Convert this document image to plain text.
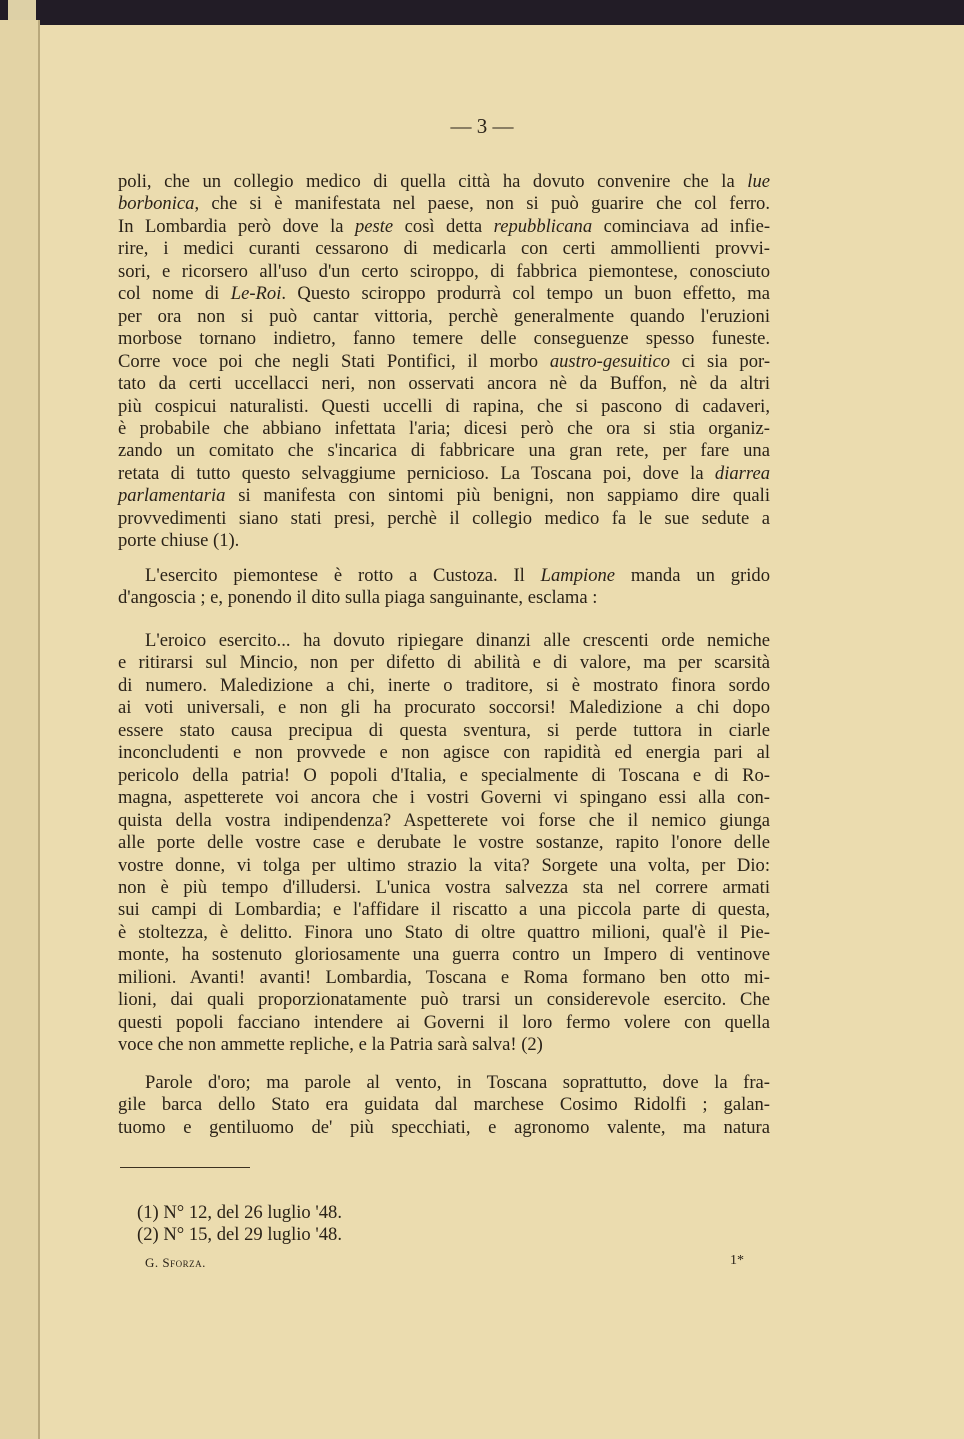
— 3 —
poli, che un collegio medico di quella città ha dovuto convenire che la lue
borbonica, che si è manifestata nel paese, non si può guarire che col ferro.
In Lombardia però dove la peste così detta repubblicana cominciava ad infie-
rire, i medici curanti cessarono di medicarla con certi ammollienti provvi-
sori, e ricorsero all'uso d'un certo sciroppo, di fabbrica piemontese, conosciuto
col nome di Le-Roi. Questo sciroppo produrrà col tempo un buon effetto, ma
per ora non si può cantar vittoria, perchè generalmente quando l'eruzioni
morbose tornano indietro, fanno temere delle conseguenze spesso funeste.
Corre voce poi che negli Stati Pontifici, il morbo austro-gesuitico ci sia por-
tato da certi uccellacci neri, non osservati ancora nè da Buffon, nè da altri
più cospicui naturalisti. Questi uccelli di rapina, che si pascono di cadaveri,
è probabile che abbiano infettata l'aria; dicesi però che ora si stia organiz-
zando un comitato che s'incarica di fabbricare una gran rete, per fare una
retata di tutto questo selvaggiume pernicioso. La Toscana poi, dove la diarrea
parlamentaria si manifesta con sintomi più benigni, non sappiamo dire quali
provvedimenti siano stati presi, perchè il collegio medico fa le sue sedute a
porte chiuse (1).
L'esercito piemontese è rotto a Custoza. Il Lampione manda un grido
d'angoscia ; e, ponendo il dito sulla piaga sanguinante, esclama :
L'eroico esercito... ha dovuto ripiegare dinanzi alle crescenti orde nemiche
e ritirarsi sul Mincio, non per difetto di abilità e di valore, ma per scarsità
di numero. Maledizione a chi, inerte o traditore, si è mostrato finora sordo
ai voti universali, e non gli ha procurato soccorsi! Maledizione a chi dopo
essere stato causa precipua di questa sventura, si perde tuttora in ciarle
inconcludenti e non provvede e non agisce con rapidità ed energia pari al
pericolo della patria! O popoli d'Italia, e specialmente di Toscana e di Ro-
magna, aspetterete voi ancora che i vostri Governi vi spingano essi alla con-
quista della vostra indipendenza? Aspetterete voi forse che il nemico giunga
alle porte delle vostre case e derubate le vostre sostanze, rapito l'onore delle
vostre donne, vi tolga per ultimo strazio la vita? Sorgete una volta, per Dio:
non è più tempo d'illudersi. L'unica vostra salvezza sta nel correre armati
sui campi di Lombardia; e l'affidare il riscatto a una piccola parte di questa,
è stoltezza, è delitto. Finora uno Stato di oltre quattro milioni, qual'è il Pie-
monte, ha sostenuto gloriosamente una guerra contro un Impero di ventinove
milioni. Avanti! avanti! Lombardia, Toscana e Roma formano ben otto mi-
lioni, dai quali proporzionatamente può trarsi un considerevole esercito. Che
questi popoli facciano intendere ai Governi il loro fermo volere con quella
voce che non ammette repliche, e la Patria sarà salva! (2)
Parole d'oro; ma parole al vento, in Toscana soprattutto, dove la fra-
gile barca dello Stato era guidata dal marchese Cosimo Ridolfi ; galan-
tuomo e gentiluomo de' più specchiati, e agronomo valente, ma natura
(1) N° 12, del 26 luglio '48.
(2) N° 15, del 29 luglio '48.
G. Sforza.	1*
